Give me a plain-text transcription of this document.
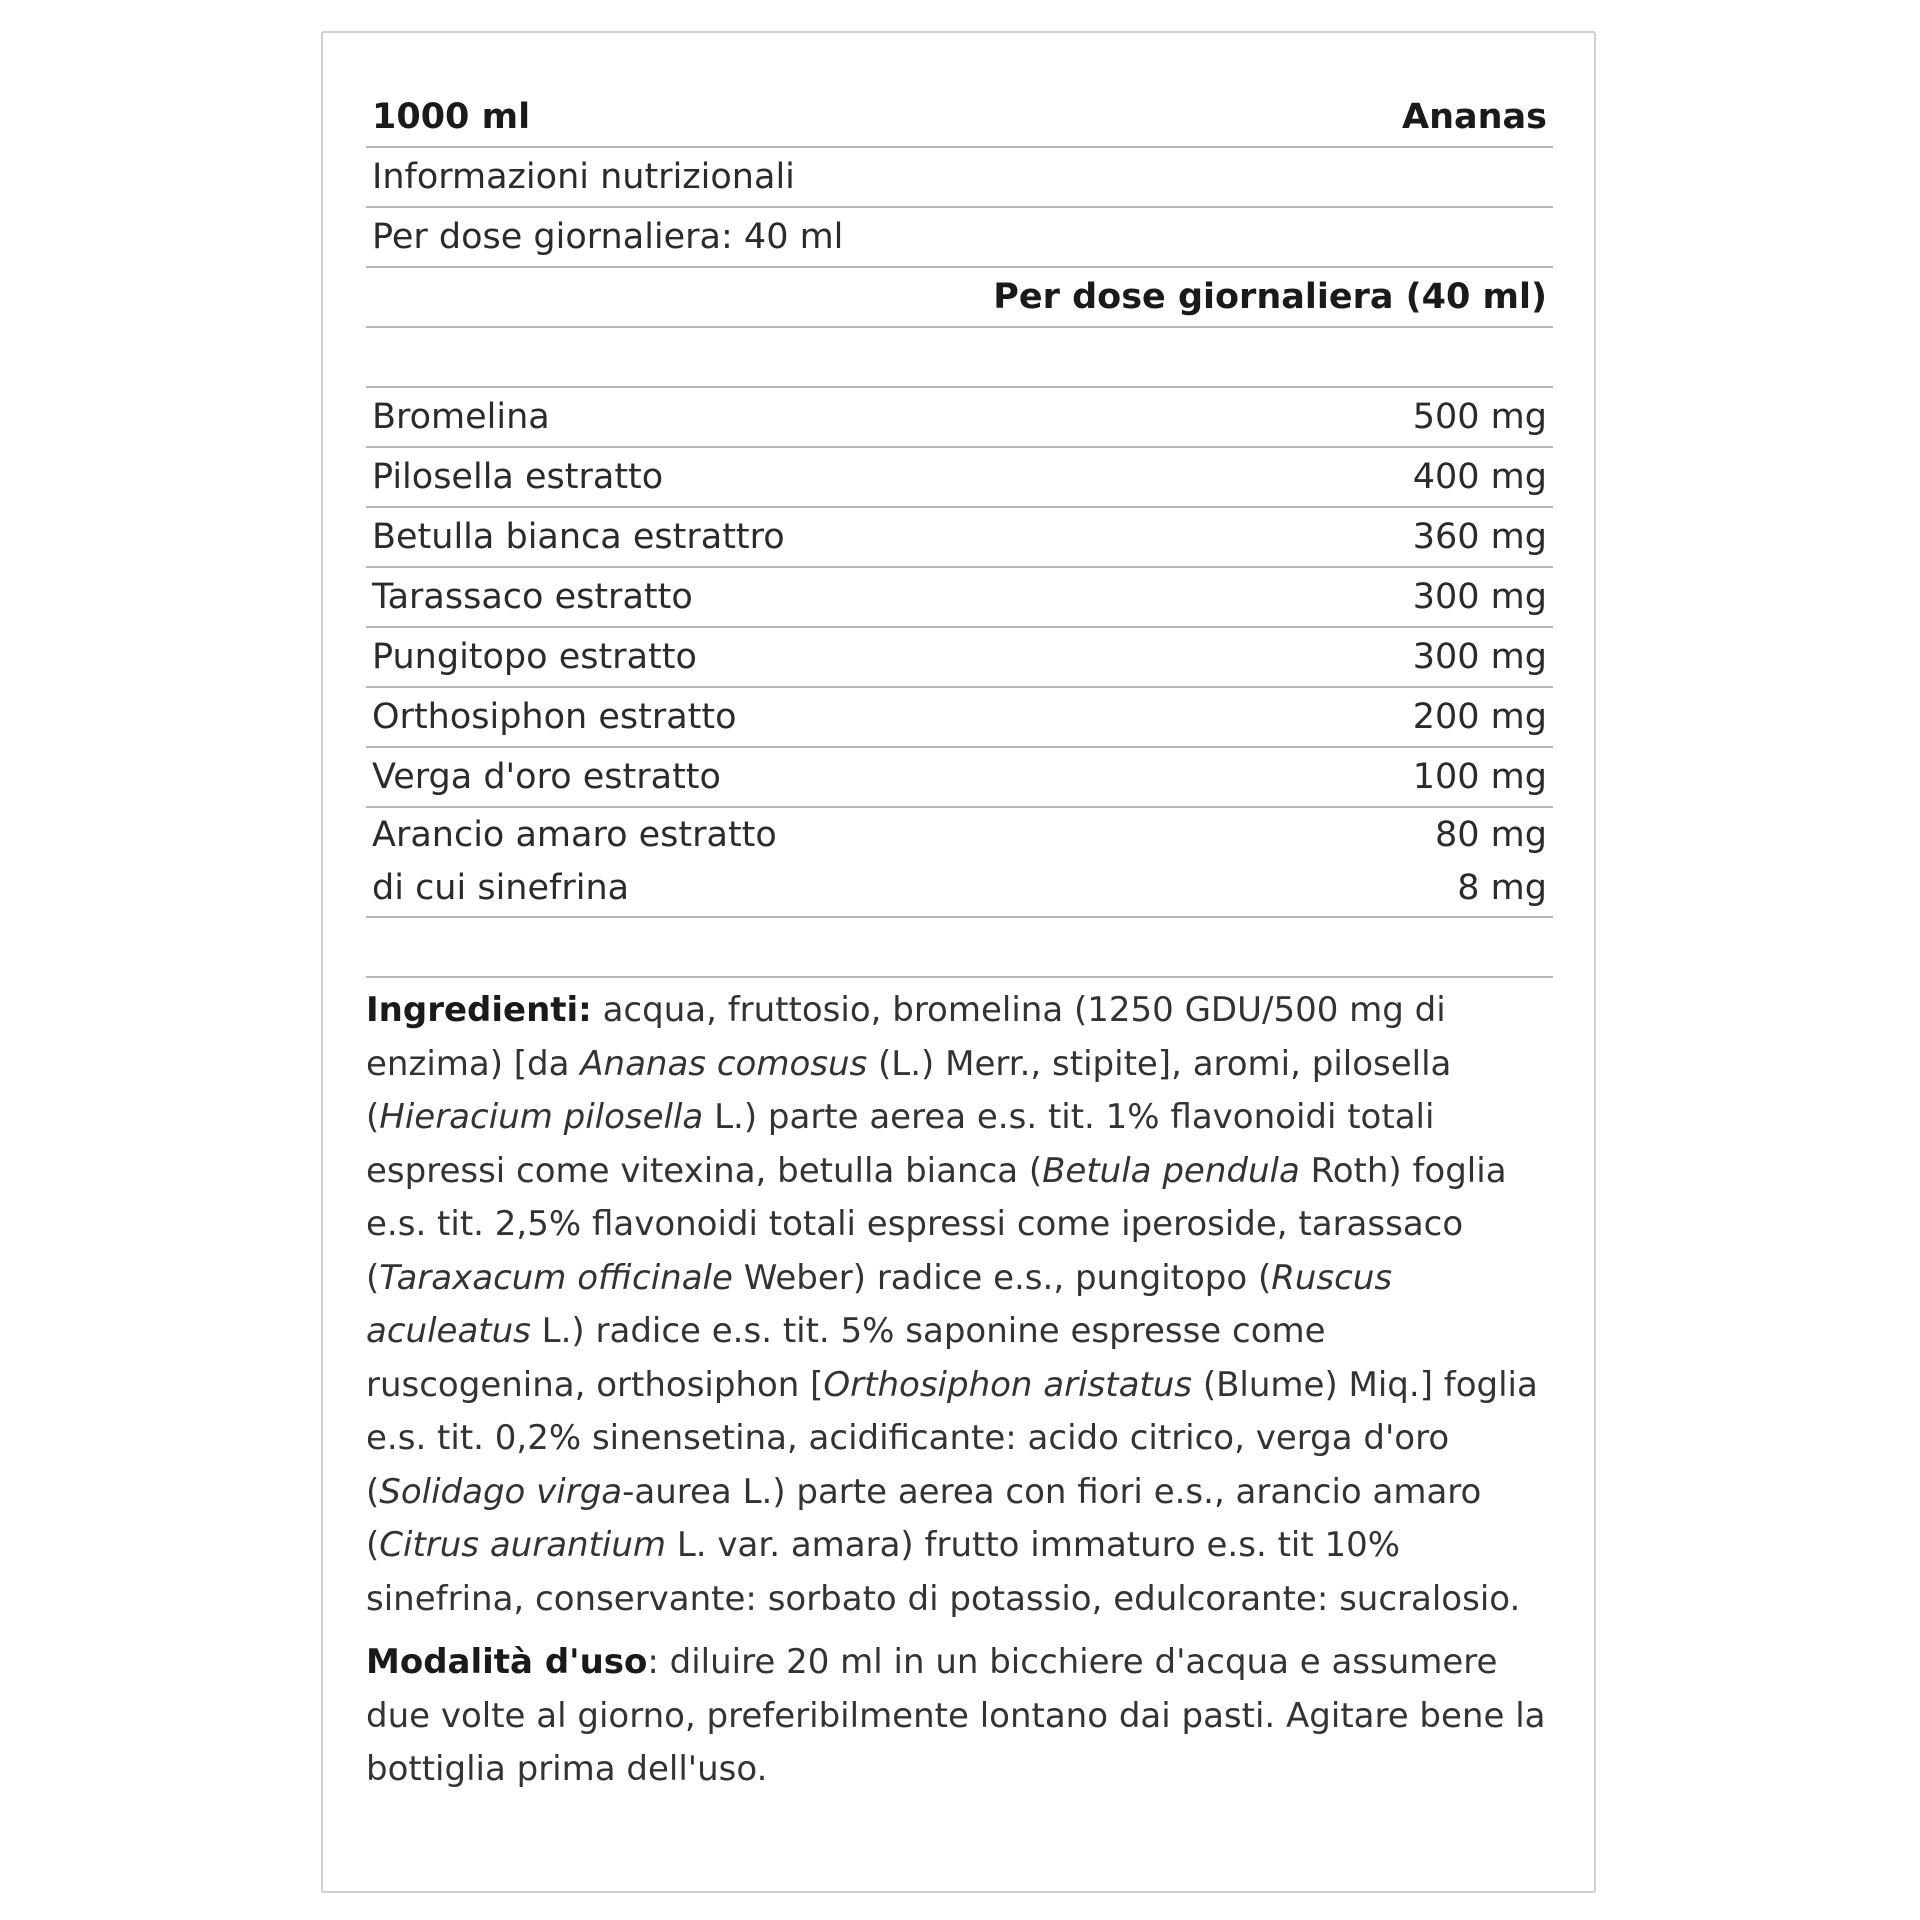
1000 ml	Ananas
Informazioni nutrizionali
Per dose giornaliera: 40 ml
Per dose giornaliera (40 ml)
Bromelina	500 mg
Pilosella estratto	400 mg
Betulla bianca estrattro	360 mg
Tarassaco estratto	300 mg
Pungitopo estratto	300 mg
Orthosiphon estratto	200 mg
Verga d'oro estratto	100 mg
Arancio amaro estratto	80 mg
di cui sinefrina	8 mg

Ingredienti: acqua, fruttosio, bromelina (1250 GDU/500 mg di enzima) [da Ananas comosus (L.) Merr., stipite], aromi, pilosella (Hieracium pilosella L.) parte aerea e.s. tit. 1% flavonoidi totali espressi come vitexina, betulla bianca (Betula pendula Roth) foglia e.s. tit. 2,5% flavonoidi totali espressi come iperoside, tarassaco (Taraxacum officinale Weber) radice e.s., pungitopo (Ruscus aculeatus L.) radice e.s. tit. 5% saponine espresse come ruscogenina, orthosiphon [Orthosiphon aristatus (Blume) Miq.] foglia e.s. tit. 0,2% sinensetina, acidificante: acido citrico, verga d'oro (Solidago virga-aurea L.) parte aerea con fiori e.s., arancio amaro (Citrus aurantium L. var. amara) frutto immaturo e.s. tit 10% sinefrina, conservante: sorbato di potassio, edulcorante: sucralosio.

Modalità d'uso: diluire 20 ml in un bicchiere d'acqua e assumere due volte al giorno, preferibilmente lontano dai pasti. Agitare bene la bottiglia prima dell'uso.
